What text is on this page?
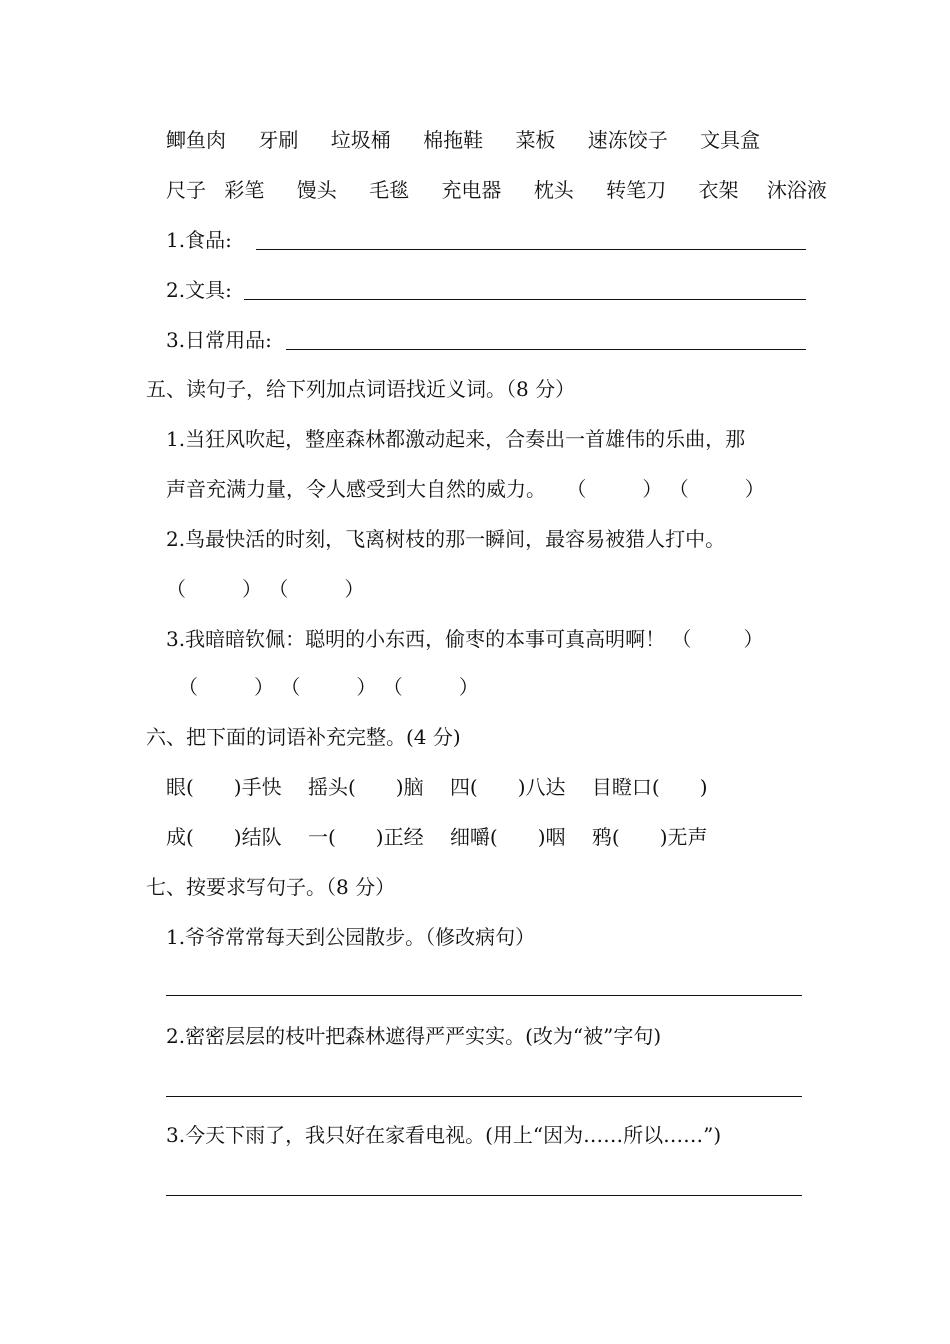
鲫鱼肉 牙刷 垃圾桶 棉拖鞋 菜板 速冻饺子 文具盒
尺子 彩笔 馒头 毛毯 充电器 枕头 转笔刀 衣架 沐浴液
1.食品:
2.文具:
3.日常用品:
五、读句子，给下列加点词语找近义词。（8 分）
1.当狂风吹起，整座森林都激动起来，合奏出一首雄伟的乐曲，那
声音充满力量，令人感受到大自然的威力。 （	） （	）
2.鸟最快活的时刻，飞离树枝的那一瞬间，最容易被猎人打中。
（	） （	）
3.我暗暗钦佩：聪明的小东西，偷枣的本事可真高明啊！ （	）
（	） （	） （	）
六、把下面的词语补充完整。(4 分)
眼(　　)手快 摇头(　　)脑 四(　　)八达 目瞪口(　　)
成(　　)结队 一(　　)正经 细嚼(　　)咽 鸦(　　)无声
七、按要求写句子。（8 分）
1.爷爷常常每天到公园散步。（修改病句）
2.密密层层的枝叶把森林遮得严严实实。(改为“被”字句)
3.今天下雨了，我只好在家看电视。(用上“因为……所以……”)
